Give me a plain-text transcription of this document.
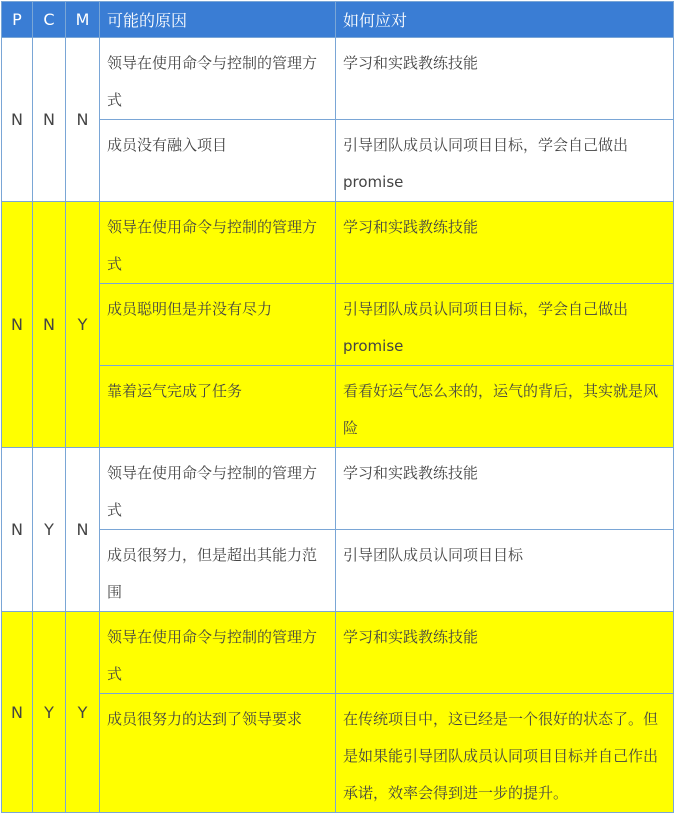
P	C	M	可能的原因	如何应对
N	N	N	领导在使用命令与控制的管理方式	学习和实践教练技能
			成员没有融入项目	引导团队成员认同项目目标，学会自己做出promise
N	N	Y	领导在使用命令与控制的管理方式	学习和实践教练技能
			成员聪明但是并没有尽力	引导团队成员认同项目目标，学会自己做出promise
			靠着运气完成了任务	看看好运气怎么来的，运气的背后，其实就是风险
N	Y	N	领导在使用命令与控制的管理方式	学习和实践教练技能
			成员很努力，但是超出其能力范围	引导团队成员认同项目目标
N	Y	Y	领导在使用命令与控制的管理方式	学习和实践教练技能
			成员很努力的达到了领导要求	在传统项目中，这已经是一个很好的状态了。但是如果能引导团队成员认同项目目标并自己作出承诺，效率会得到进一步的提升。
